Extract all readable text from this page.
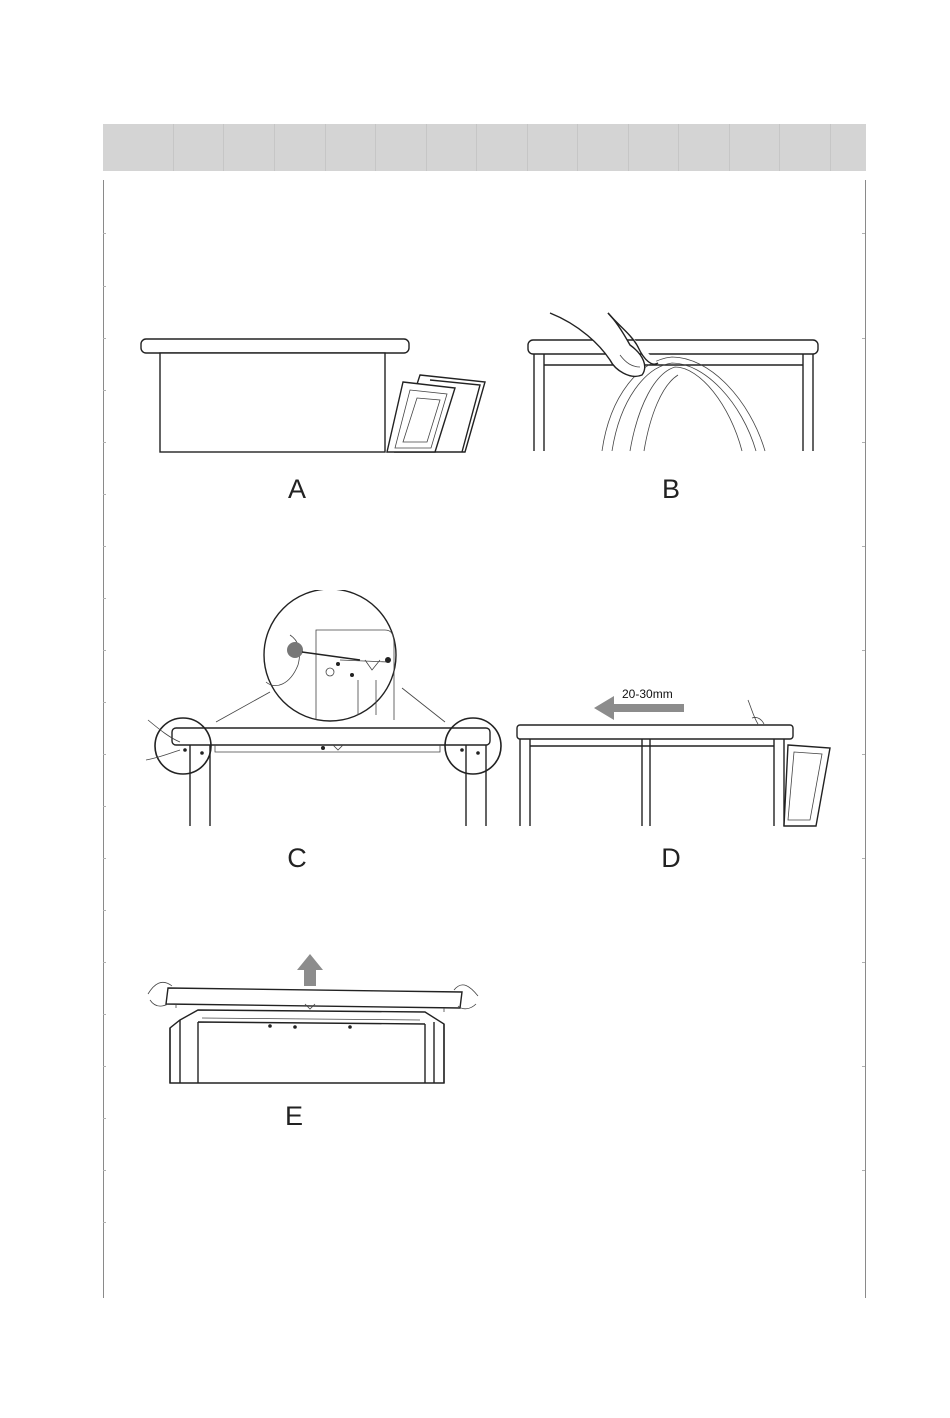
A	B
C
20-30mm
D
E
